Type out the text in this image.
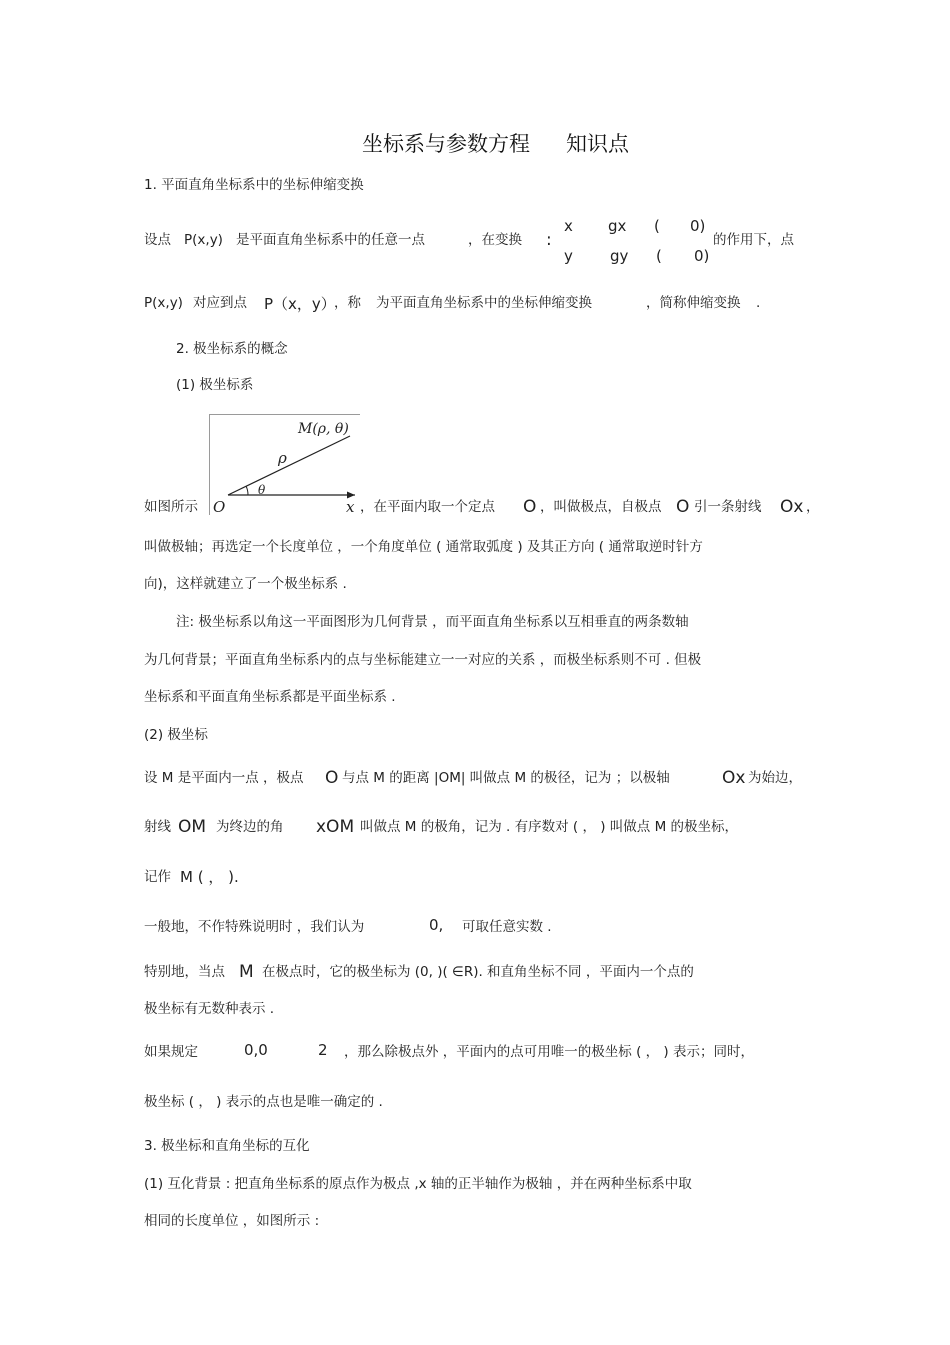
坐标系与参数方程 知识点
1. 平面直角坐标系中的坐标伸缩变换
设点 P(x,y) 是平面直角坐标系中的任意一点	，在变换 :
x gx ( 0)
y gy ( 0)
的作用下，点
P(x,y) 对应到点 P（x，y）
，称 为平面直角坐标系中的坐标伸缩变换	，简称伸缩变换 .
2. 极坐标系的概念
(1) 极坐标系
M(ρ, θ)
ρ
θ
O	x
如图所示	，在平面内取一个定点 O ，叫做极点，自极点 O 引一条射线 Ox ，
叫做极轴；再选定一个长度单位 ，一个角度单位 ( 通常取弧度 ) 及其正方向 ( 通常取逆时针方
向)，这样就建立了一个极坐标系 .
注: 极坐标系以角这一平面图形为几何背景 ，而平面直角坐标系以互相垂直的两条数轴
为几何背景；平面直角坐标系内的点与坐标能建立一一对应的关系 ，而极坐标系则不可 . 但极
坐标系和平面直角坐标系都是平面坐标系 .
(2) 极坐标
设 M 是平面内一点 ，极点 O 与点 M 的距离 |OM| 叫做点 M 的极径，记为 ；以极轴	Ox 为始边，
射线 OM 为终边的角 xOM 叫做点 M 的极角，记为 . 有序数对 ( ， ) 叫做点 M 的极坐标，
记作 M ( ， ).
一般地，不作特殊说明时 ，我们认为	0, 可取任意实数 .
特别地，当点 M 在极点时，它的极坐标为 (0, )( ∈R). 和直角坐标不同 ，平面内一个点的
极坐标有无数种表示 .
如果规定	0,0	2 ，那么除极点外 ，平面内的点可用唯一的极坐标 ( ， ) 表示；同时，
极坐标 ( ， ) 表示的点也是唯一确定的 .
3. 极坐标和直角坐标的互化
(1) 互化背景 : 把直角坐标系的原点作为极点 ,x 轴的正半轴作为极轴 ，并在两种坐标系中取
相同的长度单位 ，如图所示 :
